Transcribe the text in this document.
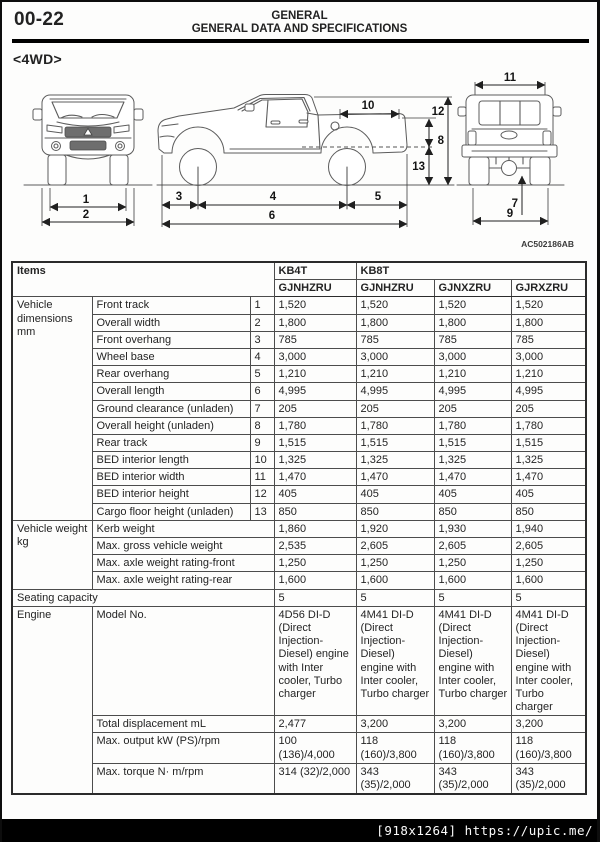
00-22	GENERAL
GENERAL DATA AND SPECIFICATIONS
<4WD>
1
2
3	4	5
6
10	12
13
8
11
7
9
AC502186AB
Items			KB4T	KB8T		
			GJNHZRU	GJNHZRU	GJNXZRU	GJRXZRU
Vehicle dimensions mm	Front track	1	1,520	1,520	1,520	1,520
	Overall width	2	1,800	1,800	1,800	1,800
	Front overhang	3	785	785	785	785
	Wheel base	4	3,000	3,000	3,000	3,000
	Rear overhang	5	1,210	1,210	1,210	1,210
	Overall length	6	4,995	4,995	4,995	4,995
	Ground clearance (unladen)	7	205	205	205	205
	Overall height (unladen)	8	1,780	1,780	1,780	1,780
	Rear track	9	1,515	1,515	1,515	1,515
	BED interior length	10	1,325	1,325	1,325	1,325
	BED interior width	11	1,470	1,470	1,470	1,470
	BED interior height	12	405	405	405	405
	Cargo floor height (unladen)	13	850	850	850	850
Vehicle weight kg	Kerb weight		1,860	1,920	1,930	1,940
	Max. gross vehicle weight		2,535	2,605	2,605	2,605
	Max. axle weight rating-front		1,250	1,250	1,250	1,250
	Max. axle weight rating-rear		1,600	1,600	1,600	1,600
Seating capacity			5	5	5	5
Engine	Model No.		4D56 DI-D (Direct Injection-Diesel) engine with Inter cooler, Turbo charger	4M41 DI-D (Direct Injection-Diesel) engine with Inter cooler, Turbo charger	4M41 DI-D (Direct Injection-Diesel) engine with Inter cooler, Turbo charger	4M41 DI-D (Direct Injection-Diesel) engine with Inter cooler, Turbo charger
	Total displacement mL		2,477	3,200	3,200	3,200
	Max. output kW (PS)/rpm		100 (136)/4,000	118 (160)/3,800	118 (160)/3,800	118 (160)/3,800
	Max. torque N· m/rpm		314 (32)/2,000	343 (35)/2,000	343 (35)/2,000	343 (35)/2,000
[918x1264] https://upic.me/
